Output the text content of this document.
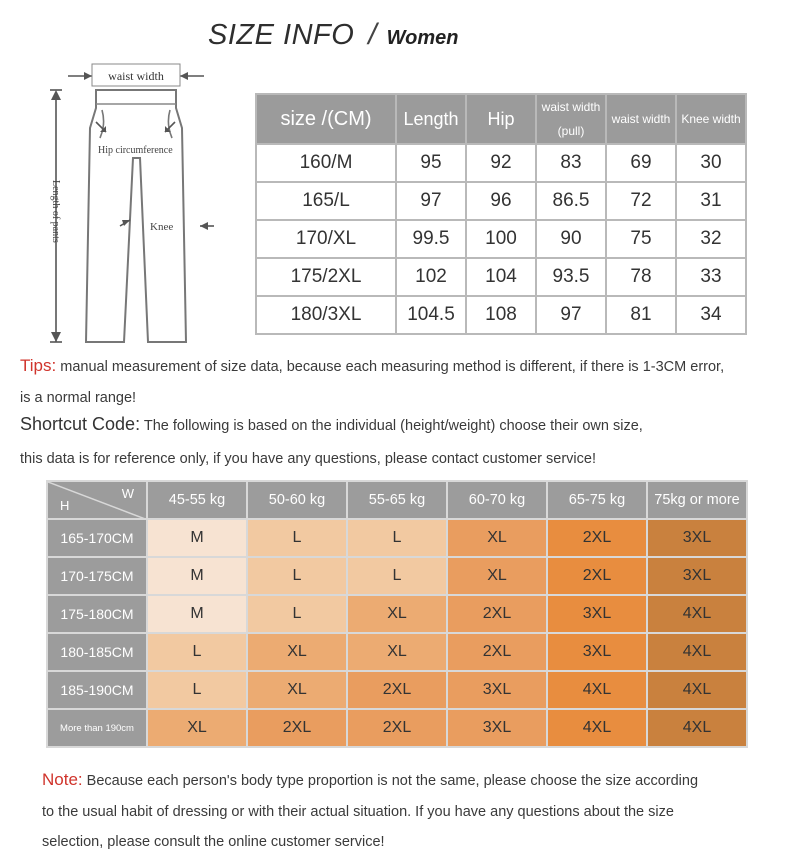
SIZE INFO / Women
waist width
Hip circumference
Knee
Length of pants
size /(CM)	Length	Hip	waist width (pull)	waist width	Knee width
160/M	95	92	83	69	30
165/L	97	96	86.5	72	31
170/XL	99.5	100	90	75	32
175/2XL	102	104	93.5	78	33
180/3XL	104.5	108	97	81	34
Tips: manual measurement of size data, because each measuring method is different, if there is 1-3CM error,
is a normal range!
Shortcut Code: The following is based on the individual (height/weight) choose their own size,
this data is for reference only, if you have any questions, please contact customer service!
W
H	45-55 kg	50-60 kg	55-65 kg	60-70 kg	65-75 kg	75kg or more
165-170CM	M	L	L	XL	2XL	3XL
170-175CM	M	L	L	XL	2XL	3XL
175-180CM	M	L	XL	2XL	3XL	4XL
180-185CM	L	XL	XL	2XL	3XL	4XL
185-190CM	L	XL	2XL	3XL	4XL	4XL
More than 190cm	XL	2XL	2XL	3XL	4XL	4XL
Note: Because each person's body type proportion is not the same, please choose the size according
to the usual habit of dressing or with their actual situation. If you have any questions about the size
selection, please consult the online customer service!
